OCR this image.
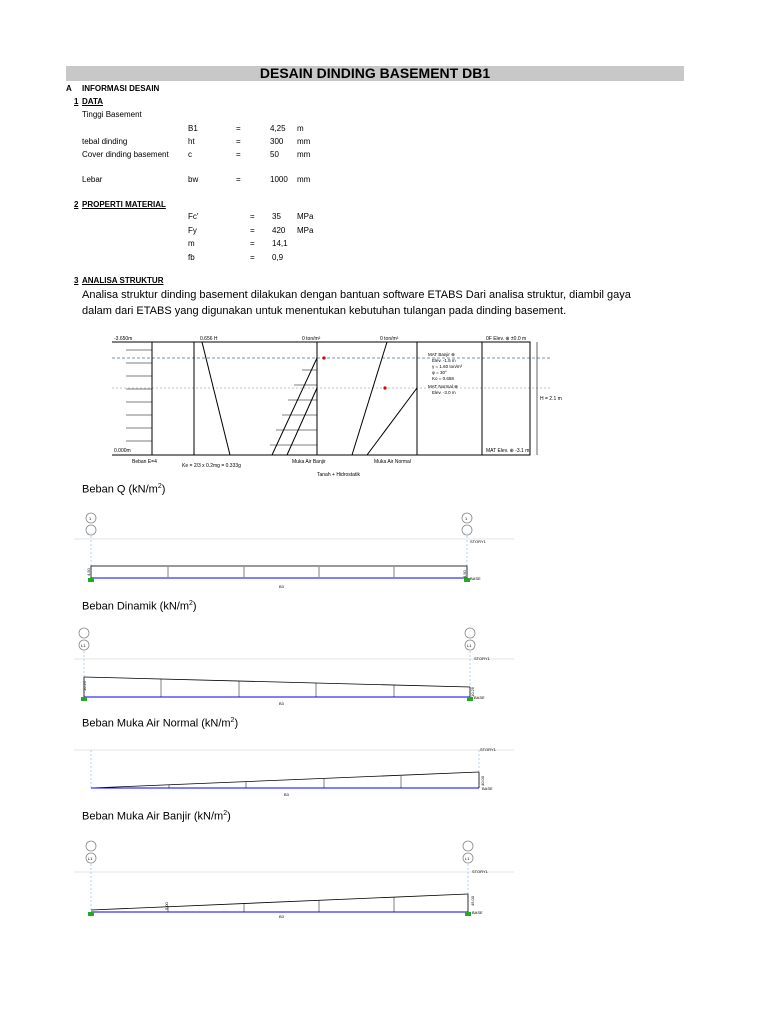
DESAIN DINDING BASEMENT DB1
A INFORMASI DESAIN
1 DATA
Tinggi Basement
B1	=	4,25 m
tebal dinding	ht	=	300 mm
Cover dinding basement c	=	50 mm
Lebar	bw	=	1000 mm
2 PROPERTI MATERIAL
Fc'	= 35 MPa
Fy	= 420 MPa
m	= 14,1
fb	= 0,9
3 ANALISA STRUKTUR
Analisa struktur dinding basement dilakukan dengan bantuan software ETABS Dari analisa struktur, diambil gaya
dalam dari ETABS yang digunakan untuk menentukan kebutuhan tulangan pada dinding basement.
-3.650m
0.000m
0.656 H	0 ton/m²	0 ton/m²	0F Elev. ⊕ ±0.0 m
MAT Elev. ⊕ -3.1 m
H = 2.1 m
Beban E=4
Ke = 2/3 x 0.2mg = 0.333g
Muka Air Banjir	Muka Air Normal
Tanah + Hidrostatik
MAT Banjir ⊕
Elev. -1.5 m
γ = 1.60 ton/m³
φ = 30°
Ko = 0.658
MAT Normal ⊕
Elev. -3.0 m
Beban Q $(kN/m^2)$
1	1
STORY1
4.50	4.50
BASE
B3
Beban Dinamik $(kN/m^2)$
L1	L1
STORY1
10.25
10.25
BASE
B3
Beban Muka Air Normal $(kN/m^2)$
STORY1
40.00
BASE
B3
Beban Muka Air Banjir $(kN/m^2)$
L1	L1
STORY1
5.00
45.00
BASE
B3
